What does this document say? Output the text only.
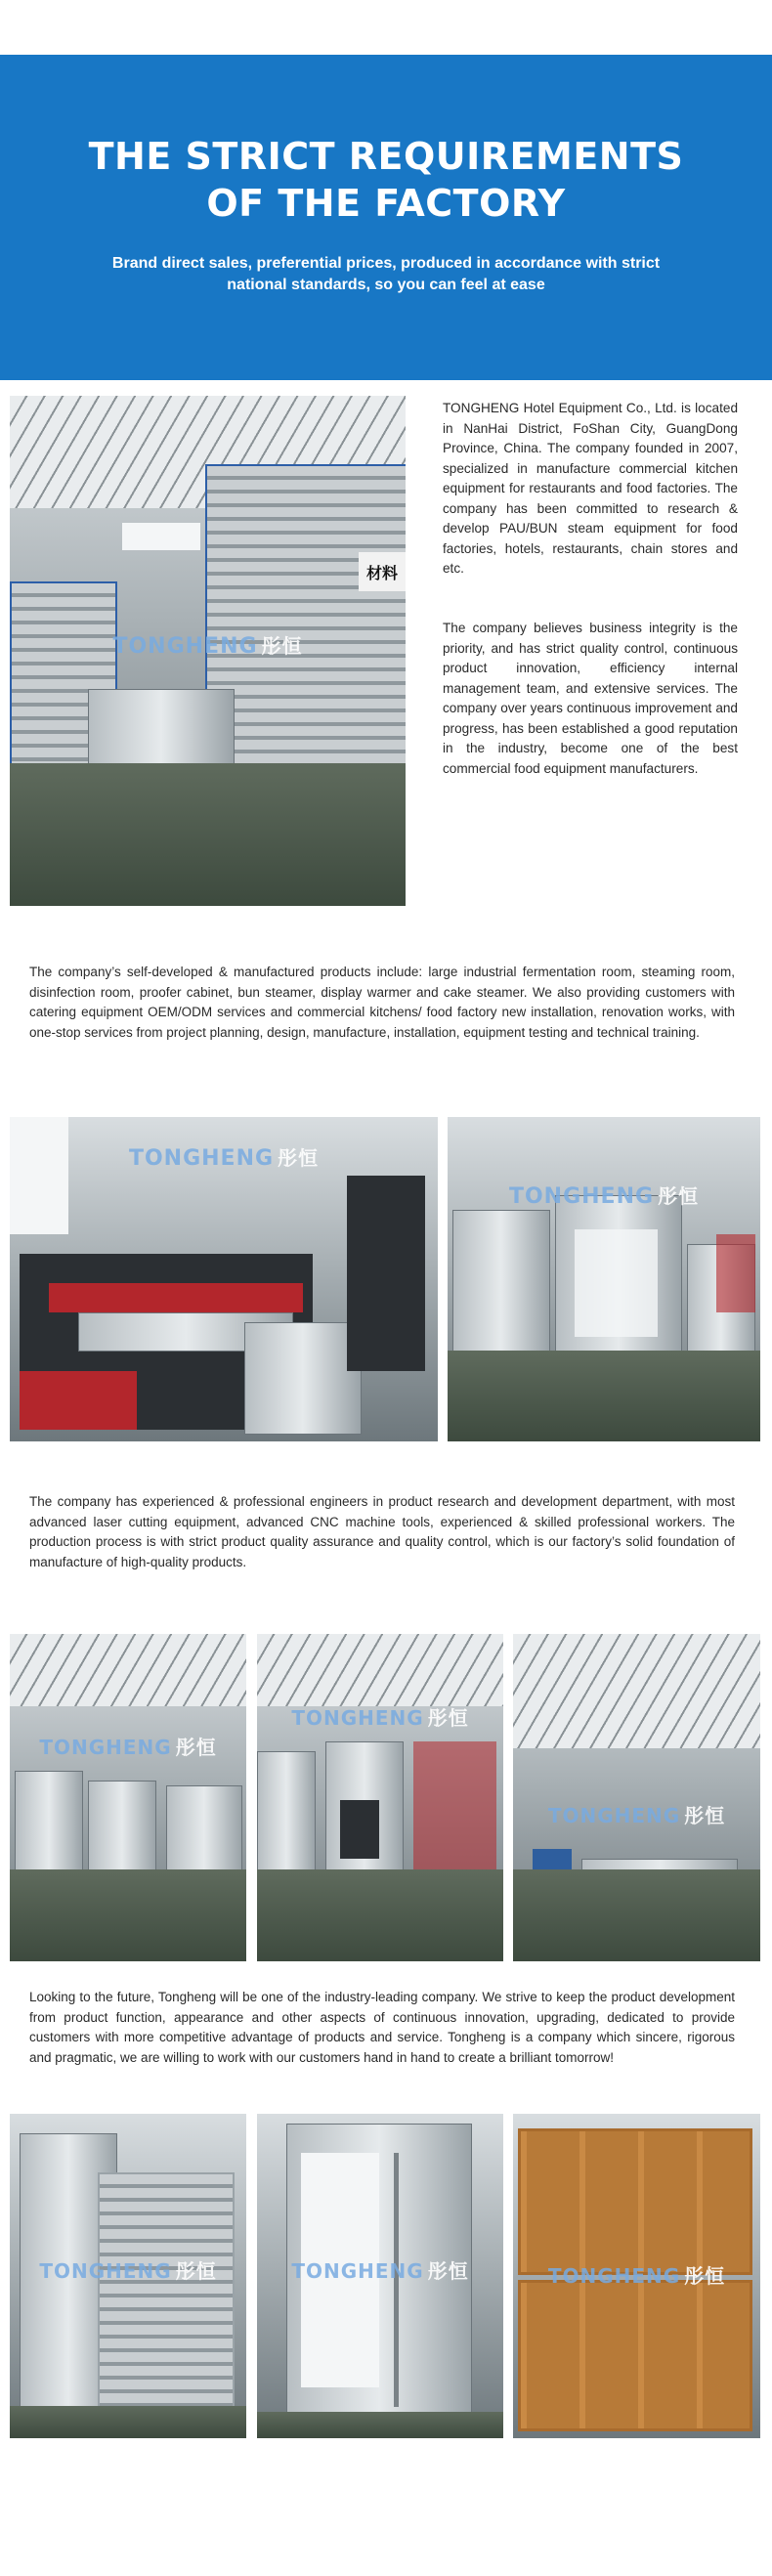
THE STRICT REQUIREMENTS
OF THE FACTORY

Brand direct sales, preferential prices, produced in accordance with strict national standards, so you can feel at ease

材料
TONGHENG 彤恒

TONGHENG Hotel Equipment Co., Ltd. is located in NanHai District, FoShan City, GuangDong Province, China. The company founded in 2007, specialized in manufacture commercial kitchen equipment for restaurants and food factories. The company has been committed to research & develop PAU/BUN steam equipment for food factories, hotels, restaurants, chain stores and etc.

The company believes business integrity is the priority, and has strict quality control, continuous product innovation, efficiency internal management team, and extensive services. The company over years continuous improvement and progress, has been established a good reputation in the industry, become one of the best commercial food equipment manufacturers.

The company’s self-developed & manufactured products include: large industrial fermentation room, steaming room, disinfection room, proofer cabinet, bun steamer, display warmer and cake steamer. We also providing customers with catering equipment OEM/ODM services and commercial kitchens/ food factory new installation, renovation works, with one-stop services from project planning, design, manufacture, installation, equipment testing and technical training.

TONGHENG 彤恒
TONGHENG 彤恒

The company has experienced & professional engineers in product research and development department, with most advanced laser cutting equipment, advanced CNC machine tools, experienced & skilled professional workers. The production process is with strict product quality assurance and quality control, which is our factory’s solid foundation of manufacture of high-quality products.

TONGHENG 彤恒
TONGHENG 彤恒
TONGHENG 彤恒

Looking to the future, Tongheng will be one of the industry-leading company. We strive to keep the product development from product function, appearance and other aspects of continuous innovation, upgrading, dedicated to provide customers with more competitive advantage of products and service. Tongheng is a company which sincere, rigorous and pragmatic, we are willing to work with our customers hand in hand to create a brilliant tomorrow!

TONGHENG 彤恒	TONGHENG 彤恒	TONGHENG 彤恒
